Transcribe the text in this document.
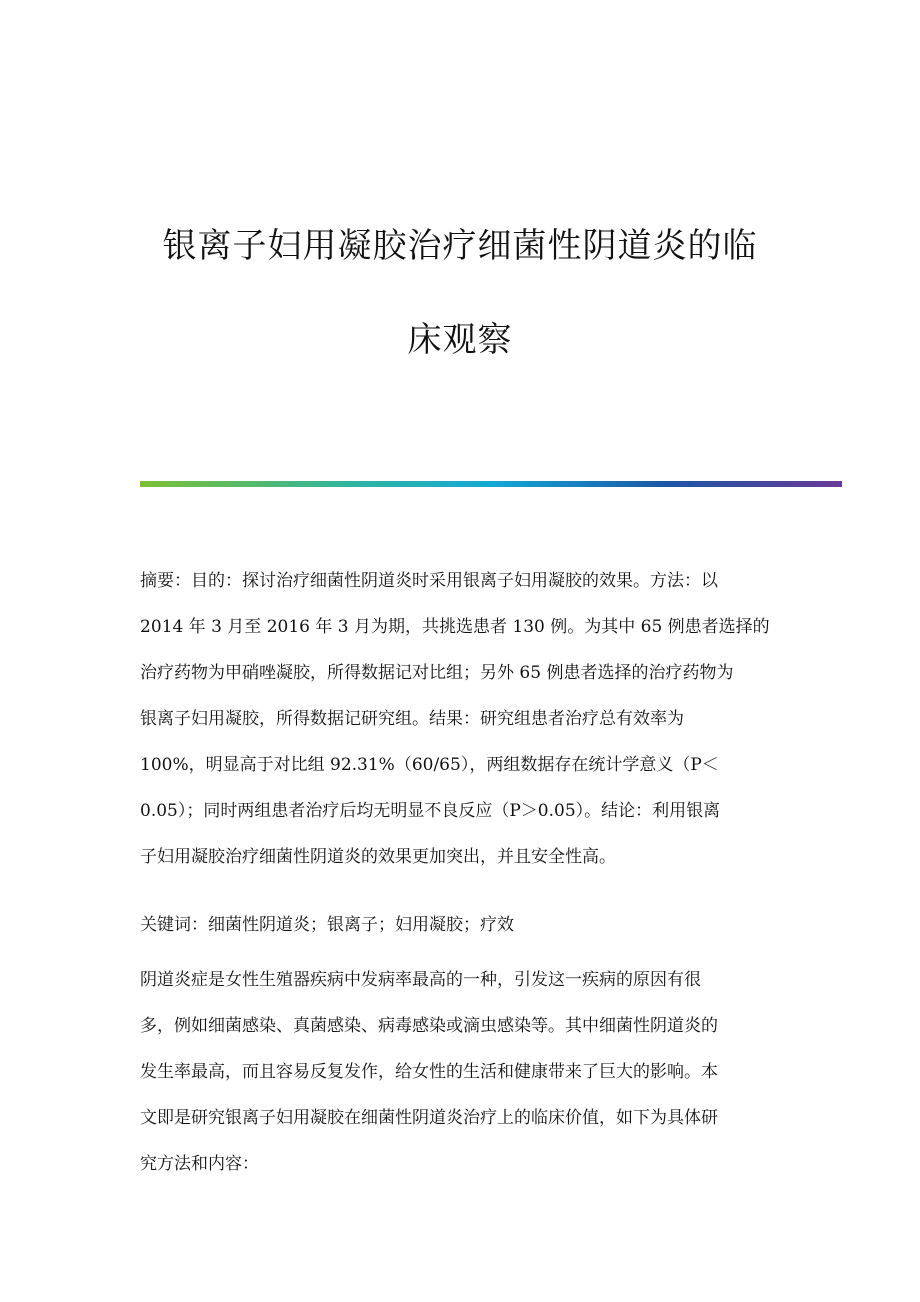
银离子妇用凝胶治疗细菌性阴道炎的临
床观察
摘要：目的：探讨治疗细菌性阴道炎时采用银离子妇用凝胶的效果。方法：以
2014 年 3 月至 2016 年 3 月为期，共挑选患者 130 例。为其中 65 例患者选择的
治疗药物为甲硝唑凝胶，所得数据记对比组；另外 65 例患者选择的治疗药物为
银离子妇用凝胶，所得数据记研究组。结果：研究组患者治疗总有效率为
100%，明显高于对比组 92.31%（60/65），两组数据存在统计学意义（P＜
0.05）；同时两组患者治疗后均无明显不良反应（P＞0.05）。结论：利用银离
子妇用凝胶治疗细菌性阴道炎的效果更加突出，并且安全性高。
关键词：细菌性阴道炎；银离子；妇用凝胶；疗效
阴道炎症是女性生殖器疾病中发病率最高的一种，引发这一疾病的原因有很
多，例如细菌感染、真菌感染、病毒感染或滴虫感染等。其中细菌性阴道炎的
发生率最高，而且容易反复发作，给女性的生活和健康带来了巨大的影响。本
文即是研究银离子妇用凝胶在细菌性阴道炎治疗上的临床价值，如下为具体研
究方法和内容：
